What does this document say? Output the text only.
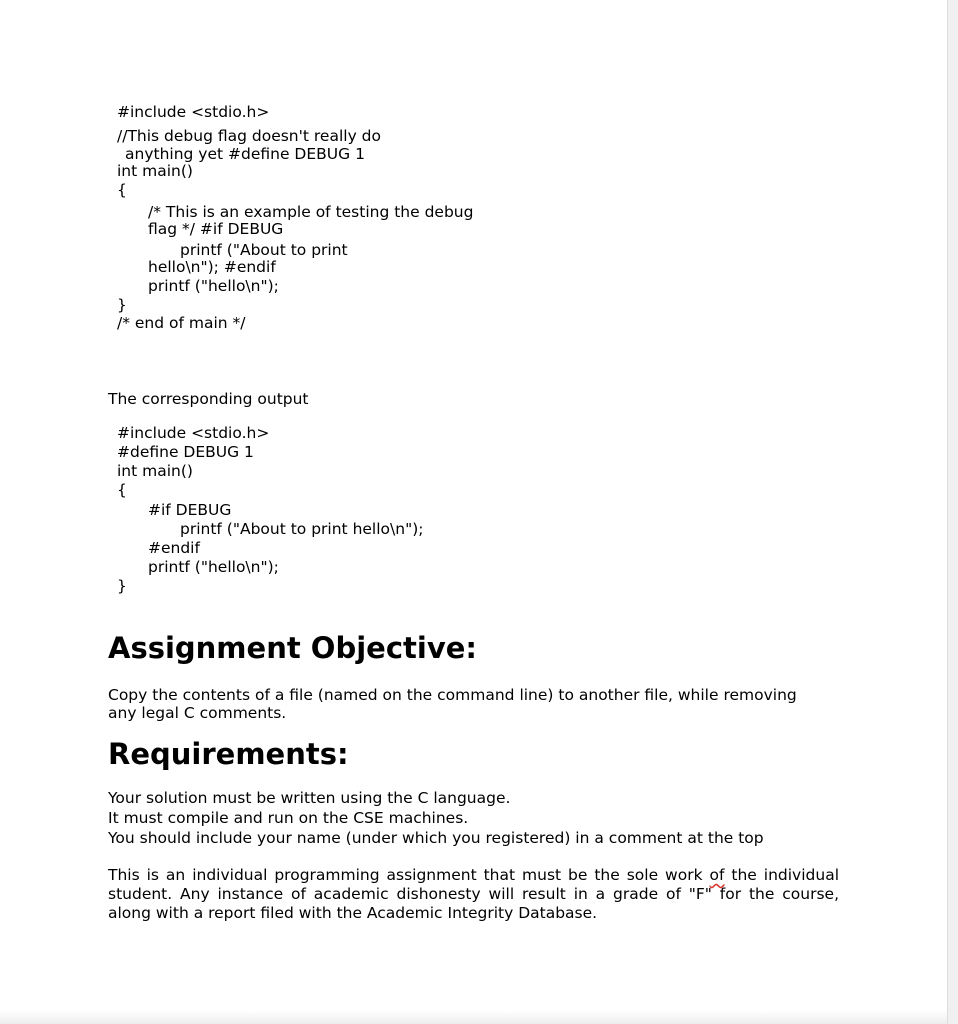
#include <stdio.h>
//This debug flag doesn't really do
anything yet #define DEBUG 1
int main()
{
/* This is an example of testing the debug
flag */ #if DEBUG
printf ("About to print
hello\n"); #endif
printf ("hello\n");
}
/* end of main */
The corresponding output
#include <stdio.h>
#define DEBUG 1
int main()
{
#if DEBUG
printf ("About to print hello\n");
#endif
printf ("hello\n");
}
Assignment Objective:
Copy the contents of a file (named on the command line) to another file, while removing
any legal C comments.
Requirements:
Your solution must be written using the C language.
It must compile and run on the CSE machines.
You should include your name (under which you registered) in a comment at the top
This is an individual programming assignment that must be the sole work of the individual
student. Any instance of academic dishonesty will result in a grade of "F" for the course,
along with a report filed with the Academic Integrity Database.
